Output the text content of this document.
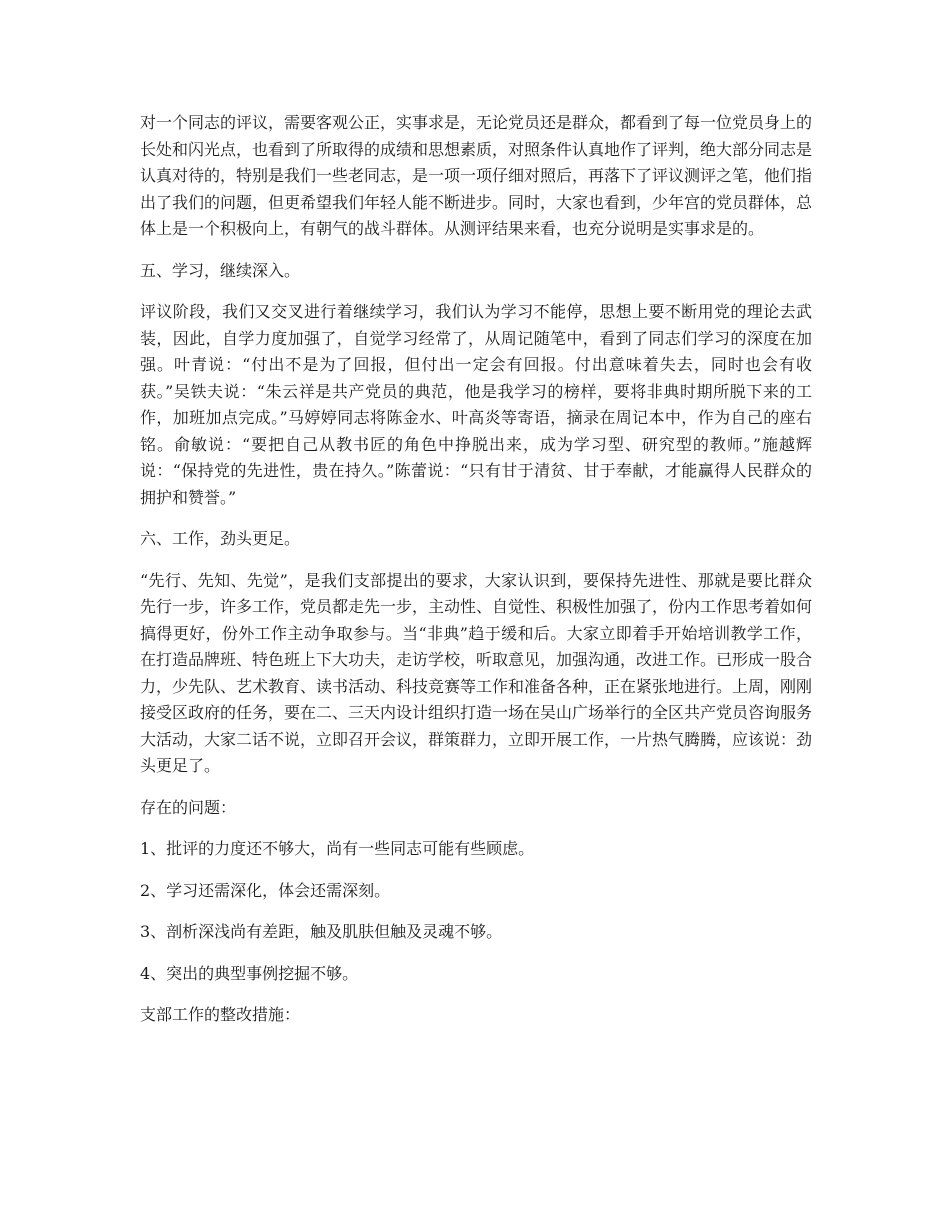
对一个同志的评议，需要客观公正，实事求是，无论党员还是群众，都看到了每一位党员身上的长处和闪光点，也看到了所取得的成绩和思想素质，对照条件认真地作了评判，绝大部分同志是认真对待的，特别是我们一些老同志，是一项一项仔细对照后，再落下了评议测评之笔，他们指出了我们的问题，但更希望我们年轻人能不断进步。同时，大家也看到，少年宫的党员群体，总体上是一个积极向上，有朝气的战斗群体。从测评结果来看，也充分说明是实事求是的。

五、学习，继续深入。

评议阶段，我们又交叉进行着继续学习，我们认为学习不能停，思想上要不断用党的理论去武装，因此，自学力度加强了，自觉学习经常了，从周记随笔中，看到了同志们学习的深度在加强。叶青说：“付出不是为了回报，但付出一定会有回报。付出意味着失去，同时也会有收获。”吴铁夫说：“朱云祥是共产党员的典范，他是我学习的榜样，要将非典时期所脱下来的工作，加班加点完成。”马婷婷同志将陈金水、叶高炎等寄语，摘录在周记本中，作为自己的座右铭。俞敏说：“要把自己从教书匠的角色中挣脱出来，成为学习型、研究型的教师。”施越辉说：“保持党的先进性，贵在持久。”陈蕾说：“只有甘于清贫、甘于奉献，才能赢得人民群众的拥护和赞誉。”

六、工作，劲头更足。

“先行、先知、先觉”，是我们支部提出的要求，大家认识到，要保持先进性、那就是要比群众先行一步，许多工作，党员都走先一步，主动性、自觉性、积极性加强了，份内工作思考着如何搞得更好，份外工作主动争取参与。当“非典”趋于缓和后。大家立即着手开始培训教学工作，在打造品牌班、特色班上下大功夫，走访学校，听取意见，加强沟通，改进工作。已形成一股合力，少先队、艺术教育、读书活动、科技竞赛等工作和准备各种，正在紧张地进行。上周，刚刚接受区政府的任务，要在二、三天内设计组织打造一场在吴山广场举行的全区共产党员咨询服务大活动，大家二话不说，立即召开会议，群策群力，立即开展工作，一片热气腾腾，应该说：劲头更足了。

存在的问题：

1、批评的力度还不够大，尚有一些同志可能有些顾虑。

2、学习还需深化，体会还需深刻。

3、剖析深浅尚有差距，触及肌肤但触及灵魂不够。

4、突出的典型事例挖掘不够。

支部工作的整改措施：
